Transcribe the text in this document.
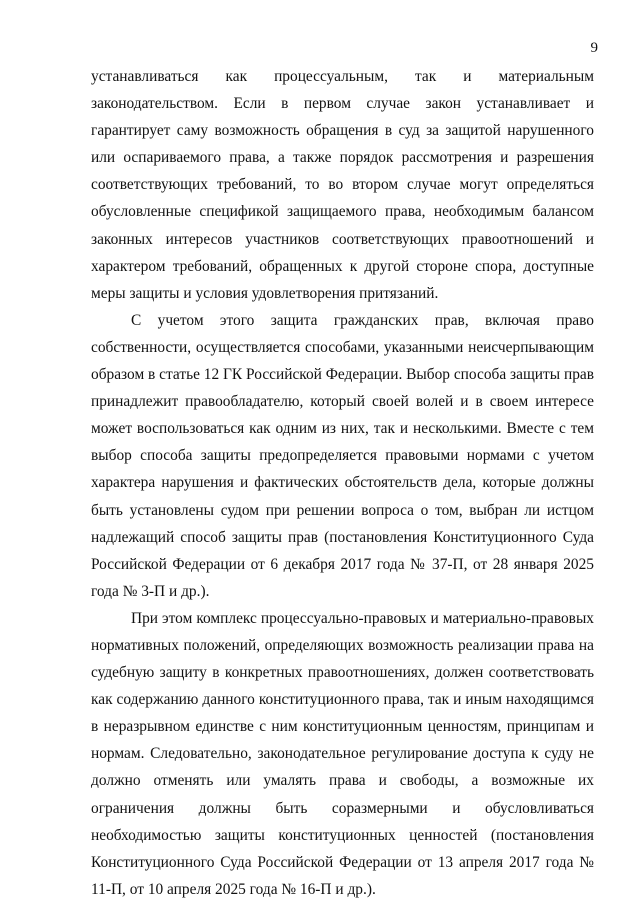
9

устанавливаться как процессуальным, так и материальным законодательством. Если в первом случае закон устанавливает и гарантирует саму возможность обращения в суд за защитой нарушенного или оспариваемого права, а также порядок рассмотрения и разрешения соответствующих требований, то во втором случае могут определяться обусловленные спецификой защищаемого права, необходимым балансом законных интересов участников соответствующих правоотношений и характером требований, обращенных к другой стороне спора, доступные меры защиты и условия удовлетворения притязаний.

С учетом этого защита гражданских прав, включая право собственности, осуществляется способами, указанными неисчерпывающим образом в статье 12 ГК Российской Федерации. Выбор способа защиты прав принадлежит правообладателю, который своей волей и в своем интересе может воспользоваться как одним из них, так и несколькими. Вместе с тем выбор способа защиты предопределяется правовыми нормами с учетом характера нарушения и фактических обстоятельств дела, которые должны быть установлены судом при решении вопроса о том, выбран ли истцом надлежащий способ защиты прав (постановления Конституционного Суда Российской Федерации от 6 декабря 2017 года № 37-П, от 28 января 2025 года № 3-П и др.).

При этом комплекс процессуально-правовых и материально-правовых нормативных положений, определяющих возможность реализации права на судебную защиту в конкретных правоотношениях, должен соответствовать как содержанию данного конституционного права, так и иным находящимся в неразрывном единстве с ним конституционным ценностям, принципам и нормам. Следовательно, законодательное регулирование доступа к суду не должно отменять или умалять права и свободы, а возможные их ограничения должны быть соразмерными и обусловливаться необходимостью защиты конституционных ценностей (постановления Конституционного Суда Российской Федерации от 13 апреля 2017 года № 11-П, от 10 апреля 2025 года № 16-П и др.).
